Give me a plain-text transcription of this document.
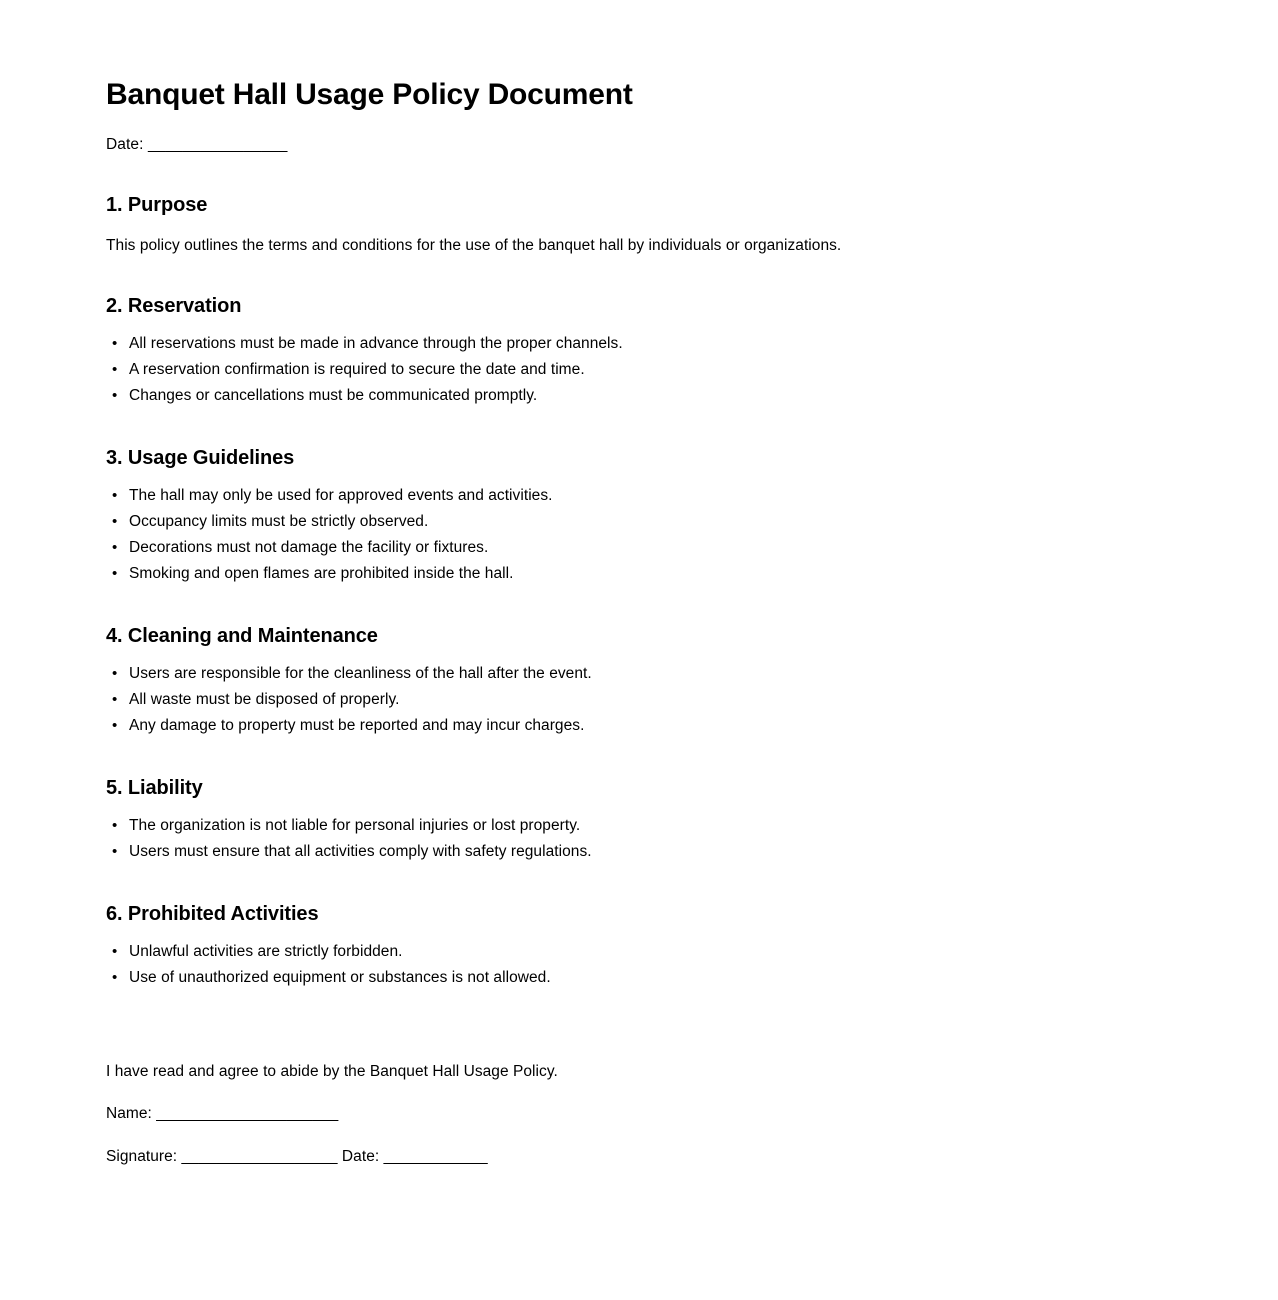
Banquet Hall Usage Policy Document

Date: ________________

1. Purpose

This policy outlines the terms and conditions for the use of the banquet hall by individuals or organizations.

2. Reservation
• All reservations must be made in advance through the proper channels.
• A reservation confirmation is required to secure the date and time.
• Changes or cancellations must be communicated promptly.
3. Usage Guidelines
• The hall may only be used for approved events and activities.
• Occupancy limits must be strictly observed.
• Decorations must not damage the facility or fixtures.
• Smoking and open flames are prohibited inside the hall.
4. Cleaning and Maintenance
• Users are responsible for the cleanliness of the hall after the event.
• All waste must be disposed of properly.
• Any damage to property must be reported and may incur charges.
5. Liability
• The organization is not liable for personal injuries or lost property.
• Users must ensure that all activities comply with safety regulations.
6. Prohibited Activities
• Unlawful activities are strictly forbidden.
• Use of unauthorized equipment or substances is not allowed.

I have read and agree to abide by the Banquet Hall Usage Policy.

Name: _____________________

Signature: __________________ Date: ____________
